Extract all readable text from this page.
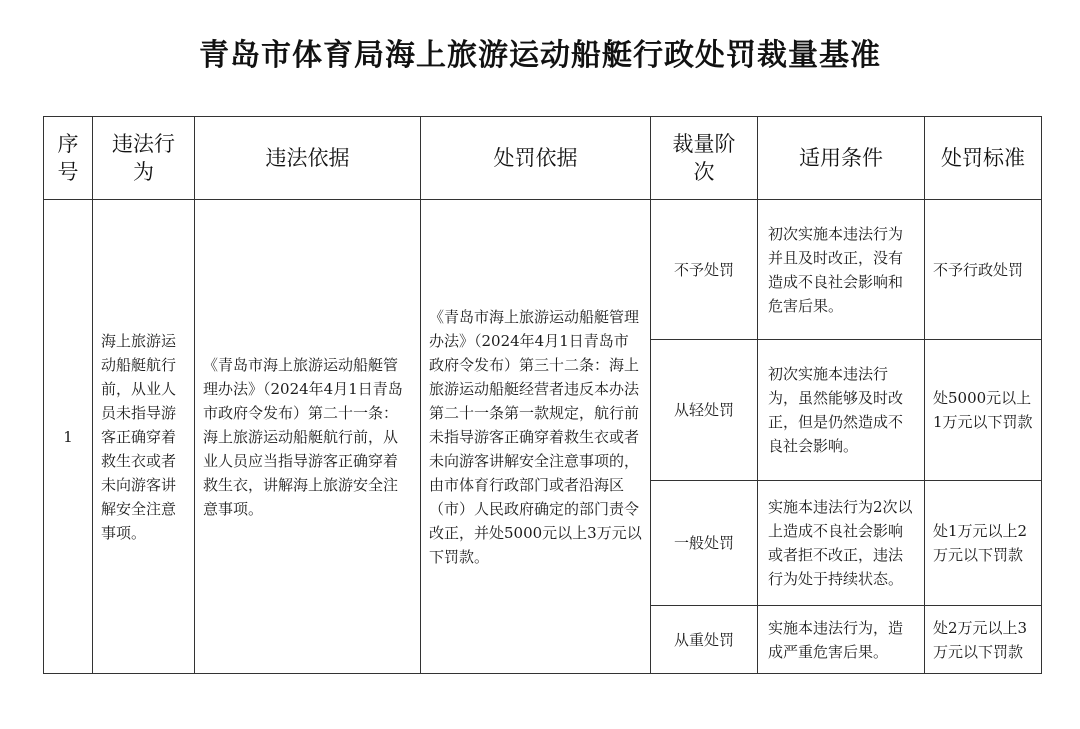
青岛市体育局海上旅游运动船艇行政处罚裁量基准
序号	违法行为	违法依据	处罚依据	裁量阶次	适用条件	处罚标准
1	海上旅游运动船艇航行前，从业人员未指导游客正确穿着救生衣或者未向游客讲解安全注意事项。	《青岛市海上旅游运动船艇管理办法》（2024年4月1日青岛市政府令发布）第二十一条：海上旅游运动船艇航行前，从业人员应当指导游客正确穿着救生衣，讲解海上旅游安全注意事项。	《青岛市海上旅游运动船艇管理办法》（2024年4月1日青岛市政府令发布）第三十二条：海上旅游运动船艇经营者违反本办法第二十一条第一款规定，航行前未指导游客正确穿着救生衣或者未向游客讲解安全注意事项的，由市体育行政部门或者沿海区（市）人民政府确定的部门责令改正，并处5000元以上3万元以下罚款。	不予处罚	初次实施本违法行为并且及时改正，没有造成不良社会影响和危害后果。	不予行政处罚

				从轻处罚	初次实施本违法行为，虽然能够及时改正，但是仍然造成不良社会影响。	处5000元以上1万元以下罚款

				一般处罚	实施本违法行为2次以上造成不良社会影响或者拒不改正，违法行为处于持续状态。	处1万元以上2万元以下罚款

				从重处罚	实施本违法行为，造成严重危害后果。	处2万元以上3万元以下罚款
